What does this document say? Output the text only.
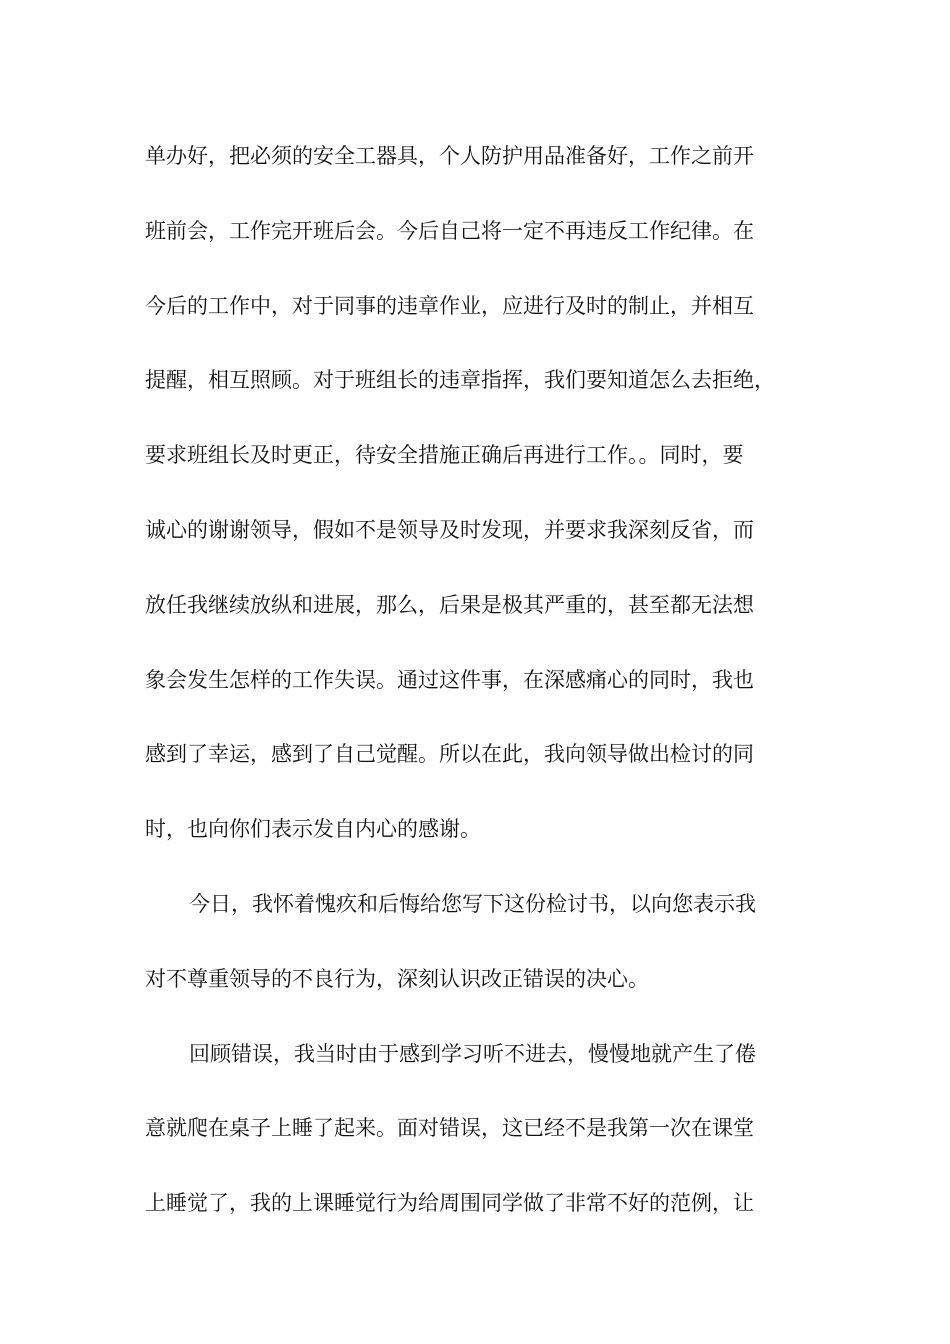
单办好，把必须的安全工器具，个人防护用品准备好，工作之前开
班前会，工作完开班后会。今后自己将一定不再违反工作纪律。在
今后的工作中，对于同事的违章作业，应进行及时的制止，并相互
提醒，相互照顾。对于班组长的违章指挥，我们要知道怎么去拒绝，
要求班组长及时更正，待安全措施正确后再进行工作。。同时，要
诚心的谢谢领导，假如不是领导及时发现，并要求我深刻反省，而
放任我继续放纵和进展，那么，后果是极其严重的，甚至都无法想
象会发生怎样的工作失误。通过这件事，在深感痛心的同时，我也
感到了幸运，感到了自己觉醒。所以在此，我向领导做出检讨的同
时，也向你们表示发自内心的感谢。
今日，我怀着愧疚和后悔给您写下这份检讨书，以向您表示我
对不尊重领导的不良行为，深刻认识改正错误的决心。
回顾错误，我当时由于感到学习听不进去，慢慢地就产生了倦
意就爬在桌子上睡了起来。面对错误，这已经不是我第一次在课堂
上睡觉了，我的上课睡觉行为给周围同学做了非常不好的范例，让
